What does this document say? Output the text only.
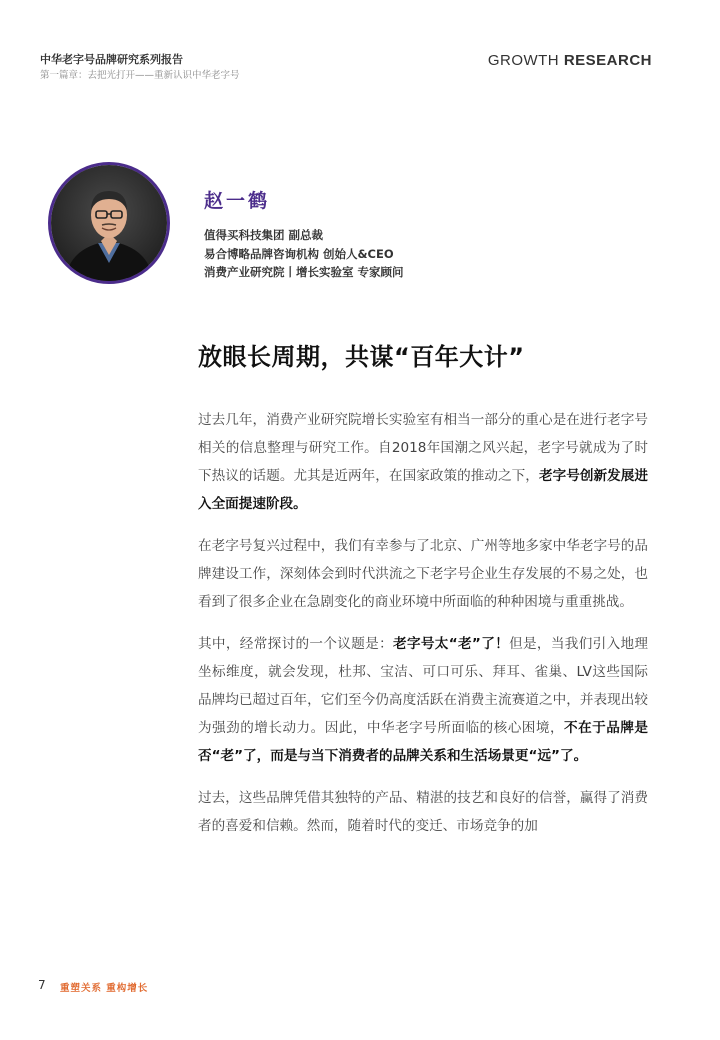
中华老字号品牌研究系列报告
第一篇章：去把光打开——重新认识中华老字号
GROWTH RESEARCH
赵一鹤
值得买科技集团 副总裁
易合博略品牌咨询机构 创始人&CEO
消费产业研究院丨增长实验室 专家顾问
放眼长周期，共谋“百年大计”

过去几年，消费产业研究院增长实验室有相当一部分的重心是在进行老字号相关的信息整理与研究工作。自2018年国潮之风兴起，老字号就成为了时下热议的话题。尤其是近两年，在国家政策的推动之下，老字号创新发展进入全面提速阶段。

在老字号复兴过程中，我们有幸参与了北京、广州等地多家中华老字号的品牌建设工作，深刻体会到时代洪流之下老字号企业生存发展的不易之处，也看到了很多企业在急剧变化的商业环境中所面临的种种困境与重重挑战。

其中，经常探讨的一个议题是：老字号太“老”了！但是，当我们引入地理坐标维度，就会发现，杜邦、宝洁、可口可乐、拜耳、雀巢、LV这些国际品牌均已超过百年，它们至今仍高度活跃在消费主流赛道之中，并表现出较为强劲的增长动力。因此，中华老字号所面临的核心困境，不在于品牌是否“老”了，而是与当下消费者的品牌关系和生活场景更“远”了。

过去，这些品牌凭借其独特的产品、精湛的技艺和良好的信誉，赢得了消费者的喜爱和信赖。然而，随着时代的变迁、市场竞争的加

7 重塑关系 重构增长
